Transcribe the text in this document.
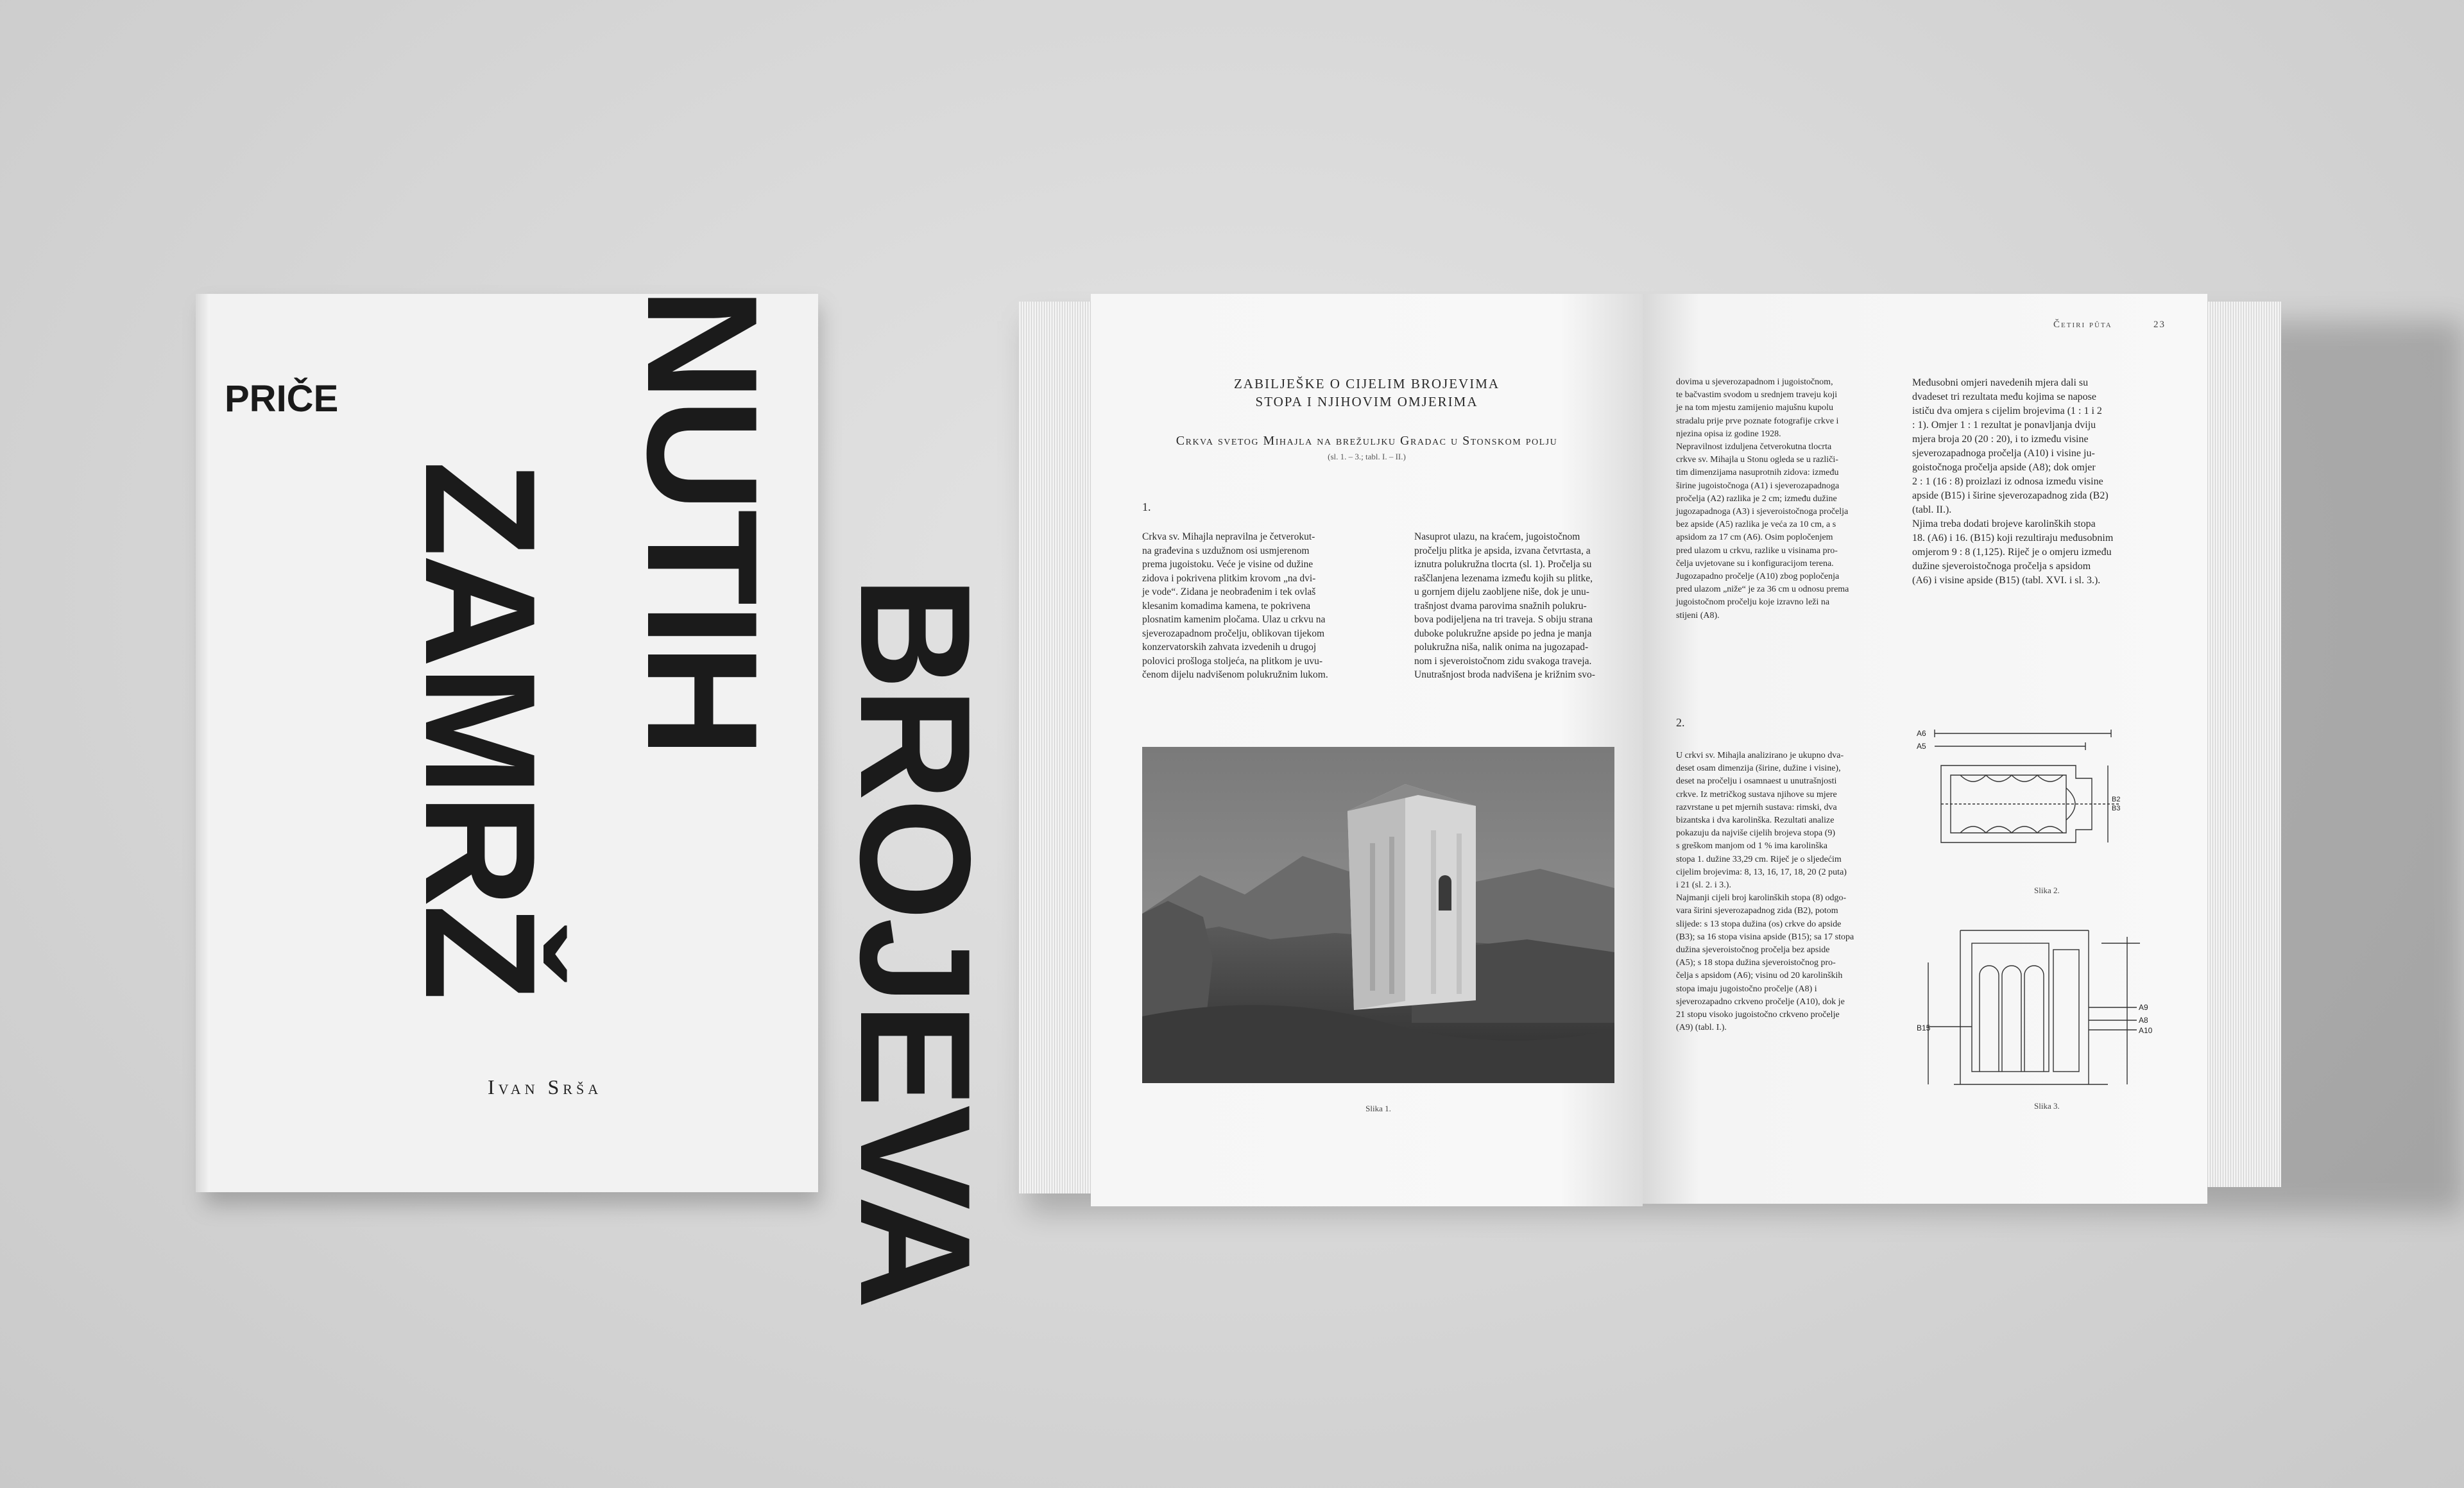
ZAMRŽ NUTIH
BROJEVA
PRIČE
Ivan Srša
ZABILJEŠKE O CIJELIM BROJEVIMA
STOPA I NJIHOVIM OMJERIMA
Crkva svetog Mihajla na brežuljku Gradac u Stonskom polju
(sl. 1. – 3.; tabl. I. – II.)
1.

Crkva sv. Mihajla nepravilna je četverokut-

na građevina s uzdužnom osi usmjerenom

prema jugoistoku. Veće je visine od dužine

zidova i pokrivena plitkim krovom „na dvi-

je vode“. Zidana je neobrađenim i tek ovlaš

klesanim komadima kamena, te pokrivena

plosnatim kamenim pločama. Ulaz u crkvu na

sjeverozapadnom pročelju, oblikovan tijekom

konzervatorskih zahvata izvedenih u drugoj

polovici prošloga stoljeća, na plitkom je uvu-

čenom dijelu nadvišenom polukružnim lukom.

Nasuprot ulazu, na kraćem, jugoistočnom

pročelju plitka je apsida, izvana četvrtasta, a

iznutra polukružna tlocrta (sl. 1). Pročelja su

raščlanjena lezenama između kojih su plitke,

u gornjem dijelu zaobljene niše, dok je unu-

trašnjost dvama parovima snažnih polukru-

bova podijeljena na tri traveja. S obiju strana

duboke polukružne apside po jedna je manja

polukružna niša, nalik onima na jugozapad-

nom i sjeveroistočnom zidu svakoga traveja.

Unutrašnjost broda nadvišena je križnim svo-

Slika 1.
Četiri pûta	23

dovima u sjeverozapadnom i jugoistočnom,

te bačvastim svodom u srednjem traveju koji

je na tom mjestu zamijenio majušnu kupolu

stradalu prije prve poznate fotografije crkve i

njezina opisa iz godine 1928.

Nepravilnost izduljena četverokutna tlocrta

crkve sv. Mihajla u Stonu ogleda se u različi-

tim dimenzijama nasuprotnih zidova: između

širine jugoistočnoga (A1) i sjeverozapadnoga

pročelja (A2) razlika je 2 cm; između dužine

jugozapadnoga (A3) i sjeveroistočnoga pročelja

bez apside (A5) razlika je veća za 10 cm, a s

apsidom za 17 cm (A6). Osim popločenjem

pred ulazom u crkvu, razlike u visinama pro-

čelja uvjetovane su i konfiguracijom terena.

Jugozapadno pročelje (A10) zbog popločenja

pred ulazom „niže“ je za 36 cm u odnosu prema

jugoistočnom pročelju koje izravno leži na

stijeni (A8).

2.

U crkvi sv. Mihajla analizirano je ukupno dva-

deset osam dimenzija (širine, dužine i visine),

deset na pročelju i osamnaest u unutrašnjosti

crkve. Iz metričkog sustava njihove su mjere

razvrstane u pet mjernih sustava: rimski, dva

bizantska i dva karolinška. Rezultati analize

pokazuju da najviše cijelih brojeva stopa (9)

s greškom manjom od 1 % ima karolinška

stopa 1. dužine 33,29 cm. Riječ je o sljedećim

cijelim brojevima: 8, 13, 16, 17, 18, 20 (2 puta)

i 21 (sl. 2. i 3.).

Najmanji cijeli broj karolinških stopa (8) odgo-

vara širini sjeverozapadnog zida (B2), potom

slijede: s 13 stopa dužina (os) crkve do apside

(B3); sa 16 stopa visina apside (B15); sa 17 stopa

dužina sjeveroistočnog pročelja bez apside

(A5); s 18 stopa dužina sjeveroistočnog pro-

čelja s apsidom (A6); visinu od 20 karolinških

stopa imaju jugoistočno pročelje (A8) i

sjeverozapadno crkveno pročelje (A10), dok je

21 stopu visoko jugoistočno crkveno pročelje

(A9) (tabl. I.).

Međusobni omjeri navedenih mjera dali su

dvadeset tri rezultata među kojima se napose

ističu dva omjera s cijelim brojevima (1 : 1 i 2

: 1). Omjer 1 : 1 rezultat je ponavljanja dviju

mjera broja 20 (20 : 20), i to između visine

sjeverozapadnoga pročelja (A10) i visine ju-

goistočnoga pročelja apside (A8); dok omjer

2 : 1 (16 : 8) proizlazi iz odnosa između visine

apside (B15) i širine sjeverozapadnog zida (B2)

(tabl. II.).

Njima treba dodati brojeve karolinških stopa

18. (A6) i 16. (B15) koji rezultiraju međusobnim

omjerom 9 : 8 (1,125). Riječ je o omjeru između

dužine sjeveroistočnoga pročelja s apsidom

(A6) i visine apside (B15) (tabl. XVI. i sl. 3.).

A6
A5
B2
B3
Slika 2.
B15
A9
A8
A10
Slika 3.
